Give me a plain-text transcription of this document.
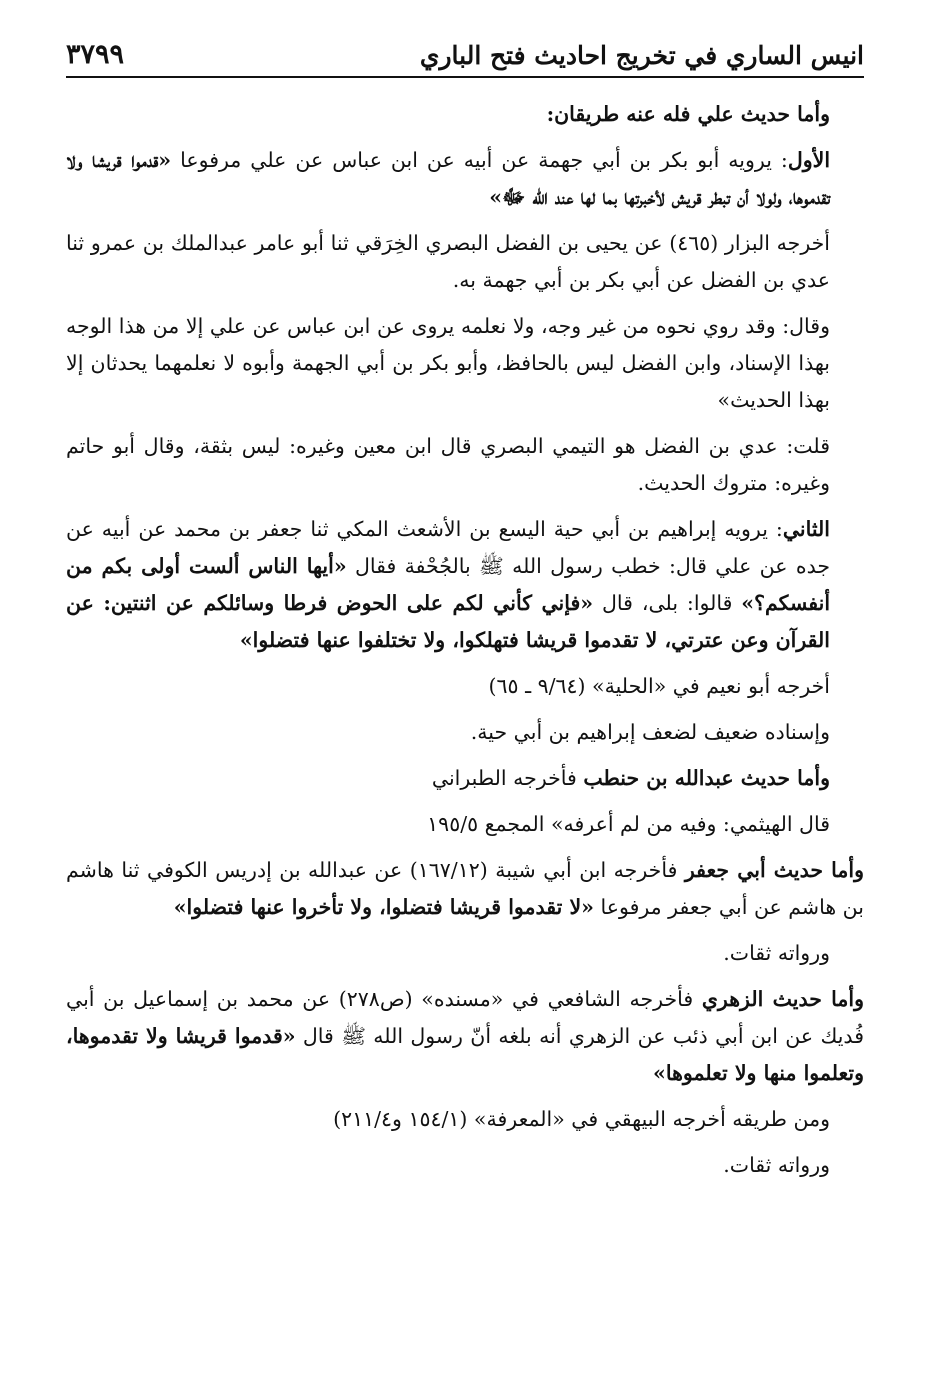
انيس الساري في تخريج احاديث فتح الباري
٣٧٩٩

وأما حديث علي فله عنه طريقان:

الأول: يرويه أبو بكر بن أبي جهمة عن أبيه عن ابن عباس عن علي مرفوعا «قدموا قريشا ولا تقدموها، ولولا أن تبطر قريش لأخبرتها بما لها عند الله ﷻ»

أخرجه البزار (٤٦٥) عن يحيى بن الفضل البصري الخِرَقي ثنا أبو عامر عبدالملك بن عمرو ثنا عدي بن الفضل عن أبي بكر بن أبي جهمة به.

وقال: وقد روي نحوه من غير وجه، ولا نعلمه يروى عن ابن عباس عن علي إلا من هذا الوجه بهذا الإسناد، وابن الفضل ليس بالحافظ، وأبو بكر بن أبي الجهمة وأبوه لا نعلمهما يحدثان إلا بهذا الحديث»

قلت: عدي بن الفضل هو التيمي البصري قال ابن معين وغيره: ليس بثقة، وقال أبو حاتم وغيره: متروك الحديث.

الثاني: يرويه إبراهيم بن أبي حية اليسع بن الأشعث المكي ثنا جعفر بن محمد عن أبيه عن جده عن علي قال: خطب رسول الله ﷺ بالجُحْفة فقال «أيها الناس ألست أولى بكم من أنفسكم؟» قالوا: بلى، قال «فإني كأني لكم على الحوض فرطا وسائلكم عن اثنتين: عن القرآن وعن عترتي، لا تقدموا قريشا فتهلكوا، ولا تختلفوا عنها فتضلوا»

أخرجه أبو نعيم في «الحلية» (٩/٦٤ ـ ٦٥)

وإسناده ضعيف لضعف إبراهيم بن أبي حية.

وأما حديث عبدالله بن حنطب فأخرجه الطبراني

قال الهيثمي: وفيه من لم أعرفه» المجمع ١٩٥/٥

وأما حديث أبي جعفر فأخرجه ابن أبي شيبة (١٦٧/١٢) عن عبدالله بن إدريس الكوفي ثنا هاشم بن هاشم عن أبي جعفر مرفوعا «لا تقدموا قريشا فتضلوا، ولا تأخروا عنها فتضلوا»

ورواته ثقات.

وأما حديث الزهري فأخرجه الشافعي في «مسنده» (ص٢٧٨) عن محمد بن إسماعيل بن أبي فُديك عن ابن أبي ذئب عن الزهري أنه بلغه أنّ رسول الله ﷺ قال «قدموا قريشا ولا تقدموها، وتعلموا منها ولا تعلموها»

ومن طريقه أخرجه البيهقي في «المعرفة» (١٥٤/١ و٢١١/٤)

ورواته ثقات.
